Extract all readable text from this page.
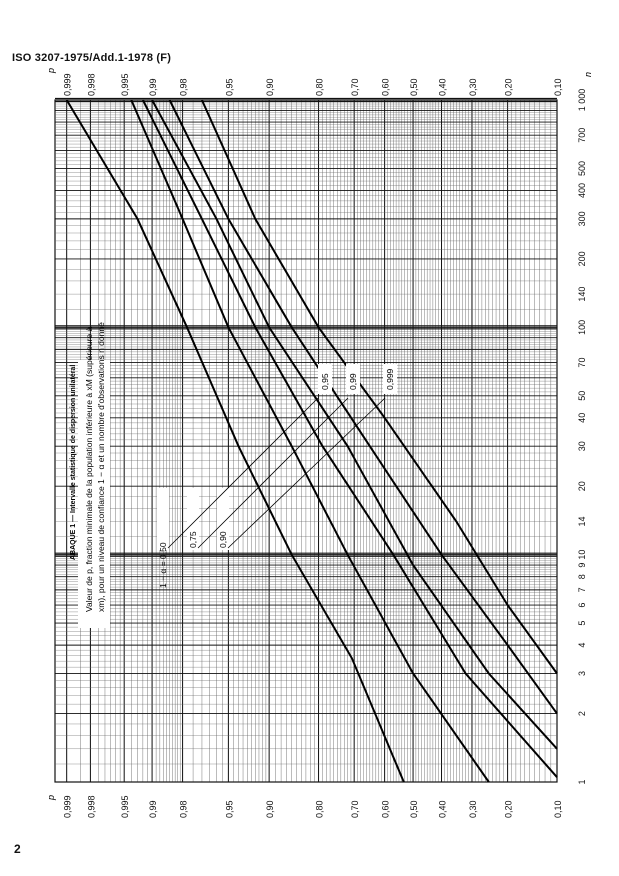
ISO 3207-1975/Add.1-1978 (F)
0,999
0,999
0,998
0,998
0,995
0,995
0,99
0,99
0,98
0,98
0,95
0,95
0,90
0,90
0,80
0,80
0,70
0,70
0,60
0,60
0,50
0,50
0,40
0,40
0,30
0,30
0,20
0,20
0,10
0,10
p
p
1
2
3
4
5
6
7
8
9
10
14
20
30
40
50
70
100
140
200
300
400
500
700
1 000
n
ABAQUE 1 — Intervalle statistique de dispersion unilatéral Valeur de p, fraction minimale de la population inférieure à xM (supérieure à xm), pour un niveau de confiance 1 − α et un nombre d'observations n donné	1 − α = 0,50
0,75 0,90
0,95 0,99	0,999
2
